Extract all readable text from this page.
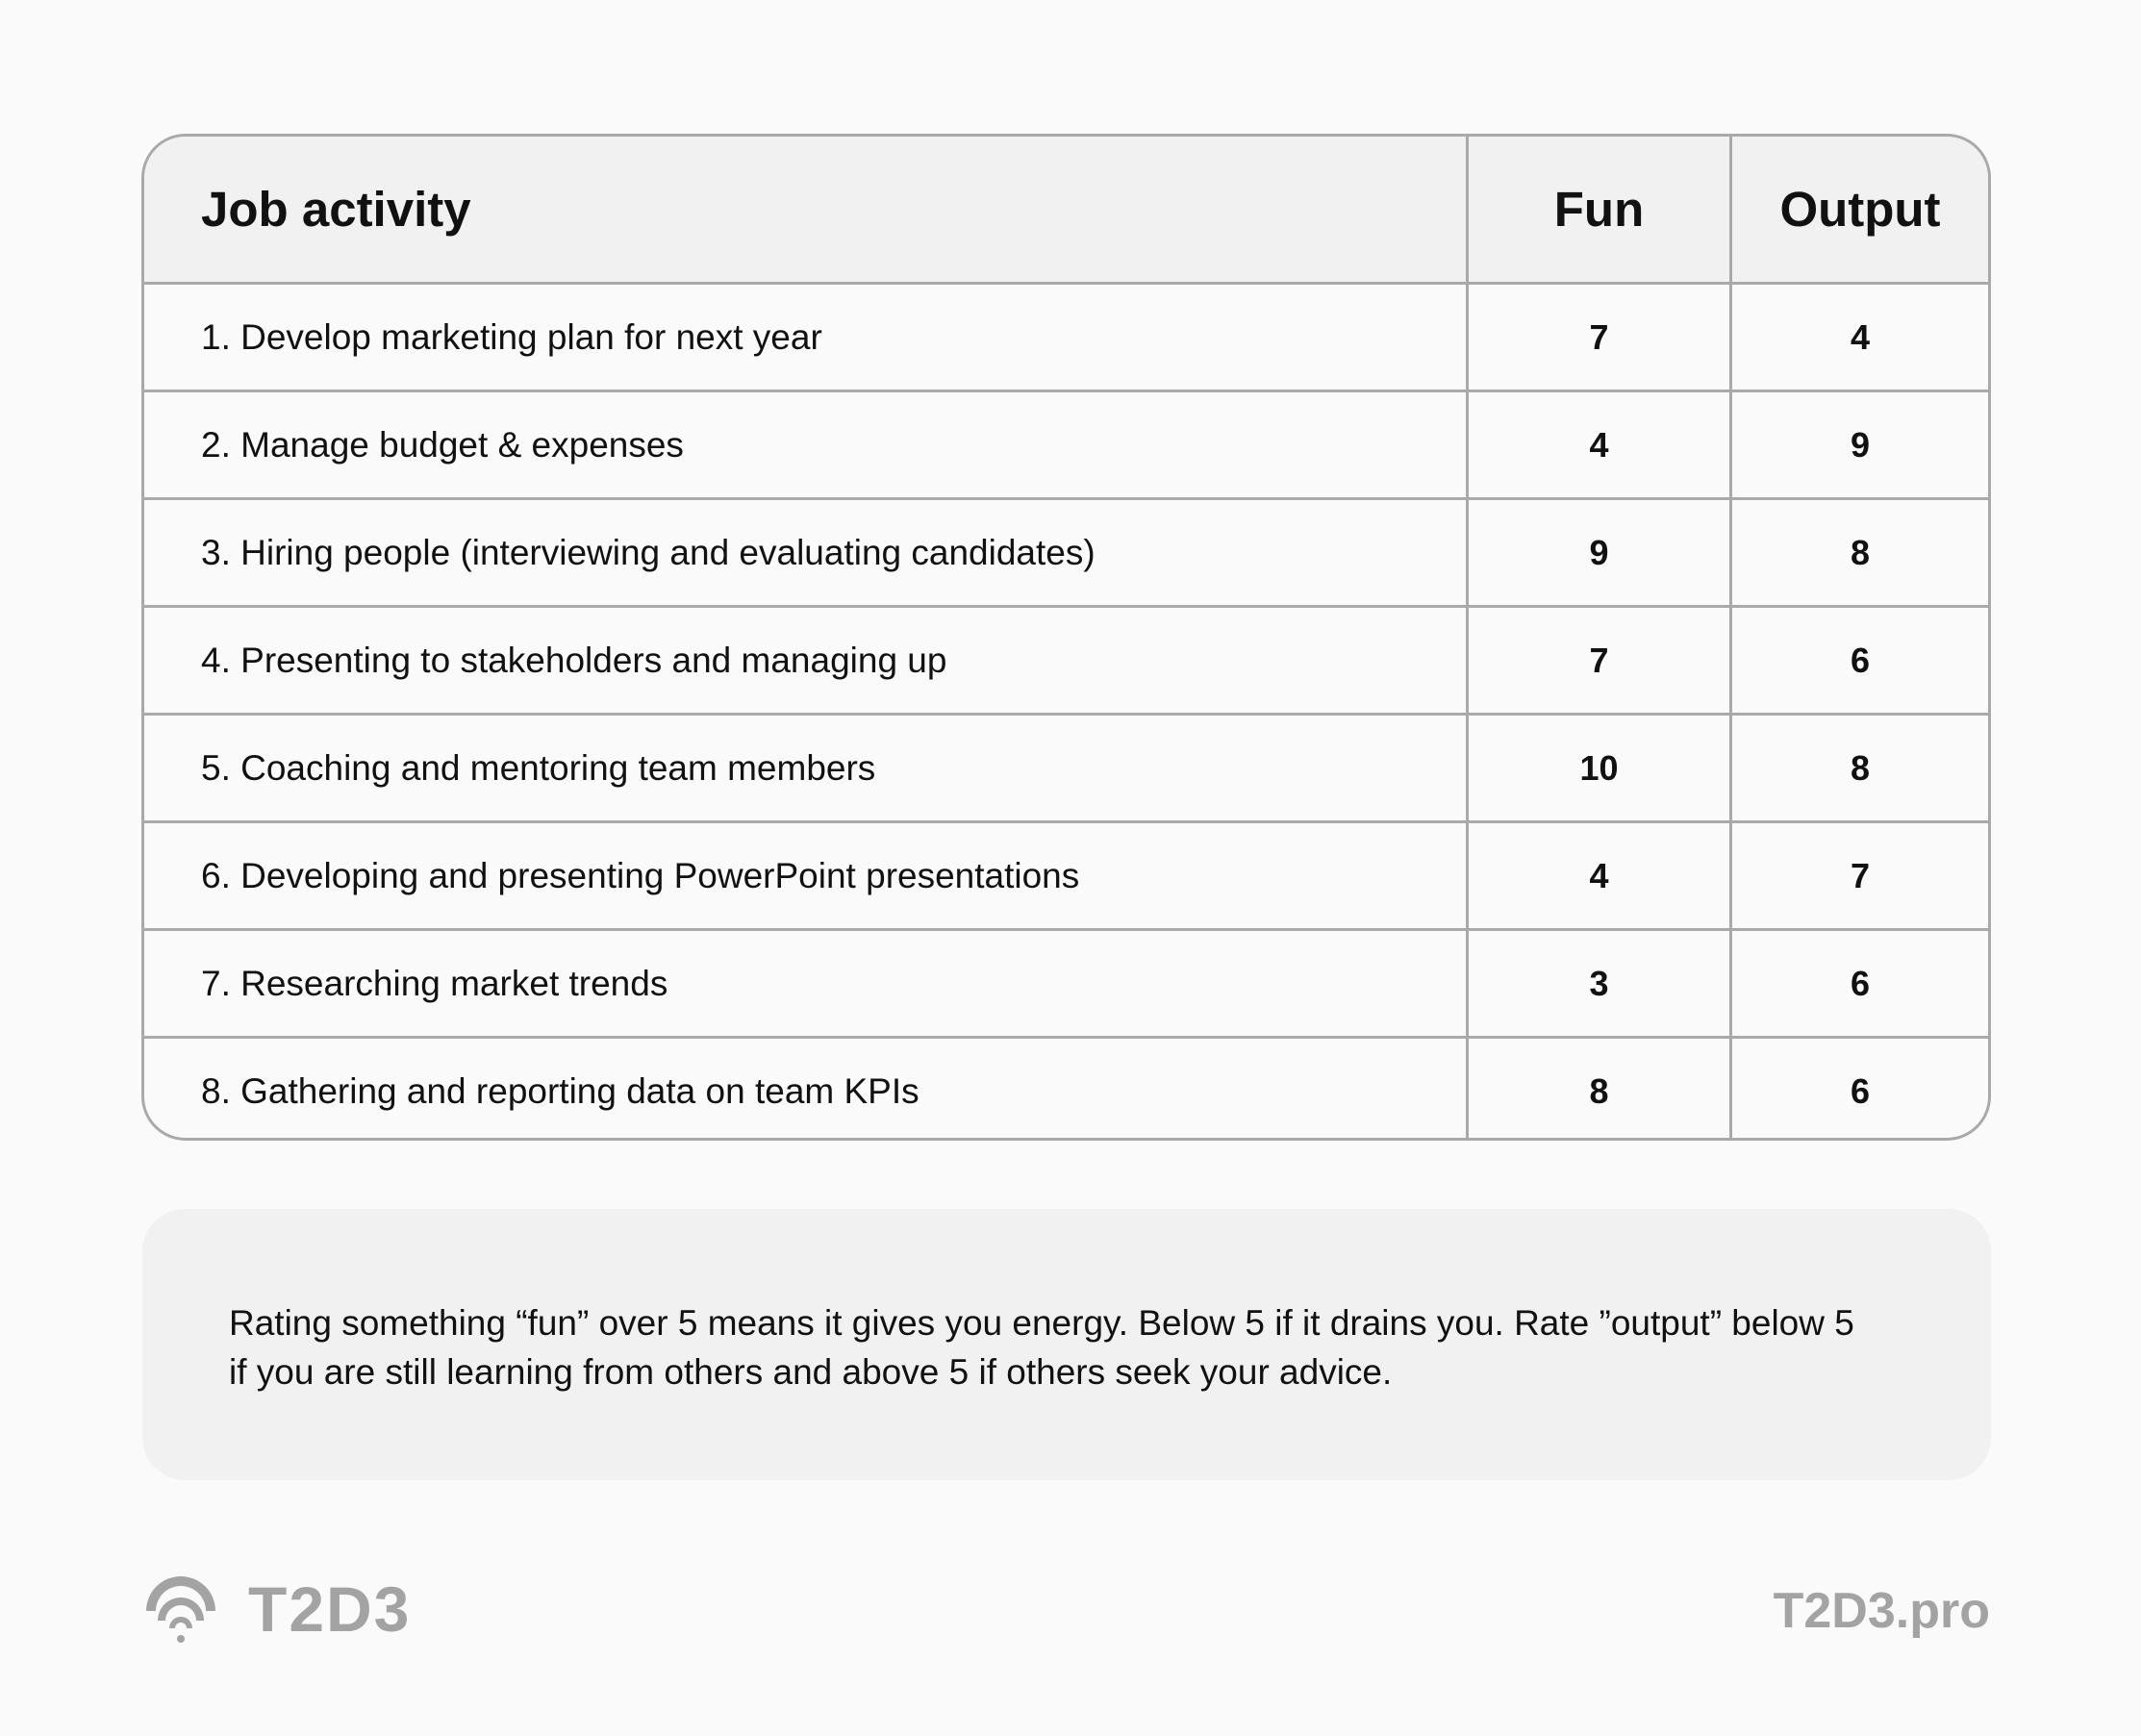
Job activity	Fun	Output
1. Develop marketing plan for next year	7	4
2. Manage budget & expenses	4	9
3. Hiring people (interviewing and evaluating candidates)	9	8
4. Presenting to stakeholders and managing up	7	6
5. Coaching and mentoring team members	10	8
6. Developing and presenting PowerPoint presentations	4	7
7. Researching market trends	3	6
8. Gathering and reporting data on team KPIs	8	6

Rating something “fun” over 5 means it gives you energy. Below 5 if it drains you. Rate ”output” below 5 if you are still learning from others and above 5 if others seek your advice.

T2D3	T2D3.pro
